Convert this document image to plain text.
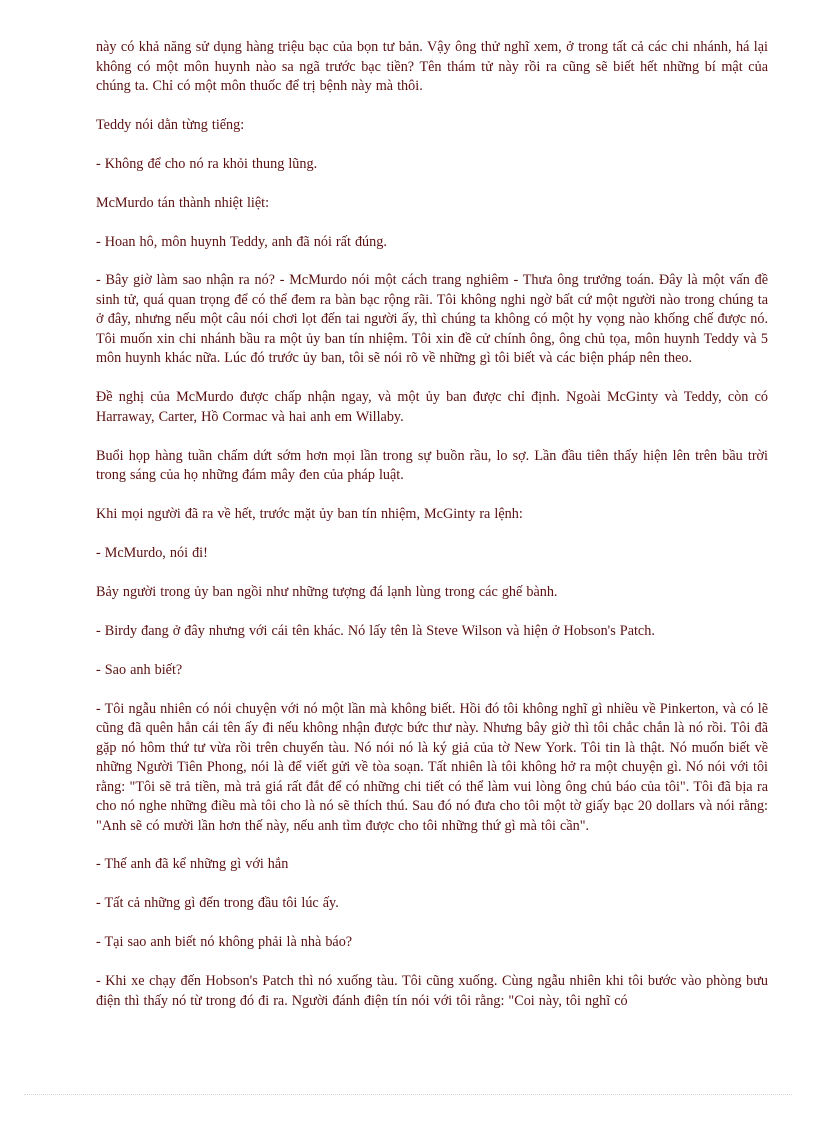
này có khả năng sử dụng hàng triệu bạc của bọn tư bản. Vậy ông thử nghĩ xem, ở trong tất cả các chi nhánh, há lại không có một môn huynh nào sa ngã trước bạc tiền? Tên thám tử này rồi ra cũng sẽ biết hết những bí mật của chúng ta. Chỉ có một môn thuốc để trị bệnh này mà thôi.

Teddy nói dằn từng tiếng:

- Không để cho nó ra khỏi thung lũng.

McMurdo tán thành nhiệt liệt:

- Hoan hô, môn huynh Teddy, anh đã nói rất đúng.

- Bây giờ làm sao nhận ra nó? - McMurdo nói một cách trang nghiêm - Thưa ông trưởng toán. Đây là một vấn đề sinh tử, quá quan trọng để có thể đem ra bàn bạc rộng rãi. Tôi không nghi ngờ bất cứ một người nào trong chúng ta ở đây, nhưng nếu một câu nói chơi lọt đến tai người ấy, thì chúng ta không có một hy vọng nào khống chế được nó. Tôi muốn xin chi nhánh bầu ra một ủy ban tín nhiệm. Tôi xin đề cử chính ông, ông chủ tọa, môn huynh Teddy và 5 môn huynh khác nữa. Lúc đó trước ủy ban, tôi sẽ nói rõ về những gì tôi biết và các biện pháp nên theo.

Đề nghị của McMurdo được chấp nhận ngay, và một ủy ban được chỉ định. Ngoài McGinty và Teddy, còn có Harraway, Carter, Hồ Cormac và hai anh em Willaby.

Buổi họp hàng tuần chấm dứt sớm hơn mọi lần trong sự buồn rầu, lo sợ. Lần đầu tiên thấy hiện lên trên bầu trời trong sáng của họ những đám mây đen của pháp luật.

Khi mọi người đã ra về hết, trước mặt ủy ban tín nhiệm, McGinty ra lệnh:

- McMurdo, nói đi!

Bảy người trong ủy ban ngồi như những tượng đá lạnh lùng trong các ghế bành.

- Birdy đang ở đây nhưng với cái tên khác. Nó lấy tên là Steve Wilson và hiện ở Hobson's Patch.

- Sao anh biết?

- Tôi ngẫu nhiên có nói chuyện với nó một lần mà không biết. Hồi đó tôi không nghĩ gì nhiều về Pinkerton, và có lẽ cũng đã quên hẳn cái tên ấy đi nếu không nhận được bức thư này. Nhưng bây giờ thì tôi chắc chắn là nó rồi. Tôi đã gặp nó hôm thứ tư vừa rồi trên chuyến tàu. Nó nói nó là ký giả của tờ New York. Tôi tin là thật. Nó muốn biết về những Người Tiên Phong, nói là để viết gửi về tòa soạn. Tất nhiên là tôi không hở ra một chuyện gì. Nó nói với tôi rằng: "Tôi sẽ trả tiền, mà trả giá rất đắt để có những chi tiết có thể làm vui lòng ông chủ báo của tôi". Tôi đã bịa ra cho nó nghe những điều mà tôi cho là nó sẽ thích thú. Sau đó nó đưa cho tôi một tờ giấy bạc 20 dollars và nói rằng: "Anh sẽ có mười lần hơn thế này, nếu anh tìm được cho tôi những thứ gì mà tôi cần".

- Thế anh đã kể những gì với hắn

- Tất cả những gì đến trong đầu tôi lúc ấy.

- Tại sao anh biết nó không phải là nhà báo?

- Khi xe chạy đến Hobson's Patch thì nó xuống tàu. Tôi cũng xuống. Cùng ngẫu nhiên khi tôi bước vào phòng bưu điện thì thấy nó từ trong đó đi ra. Người đánh điện tín nói với tôi rằng: "Coi này, tôi nghĩ có
